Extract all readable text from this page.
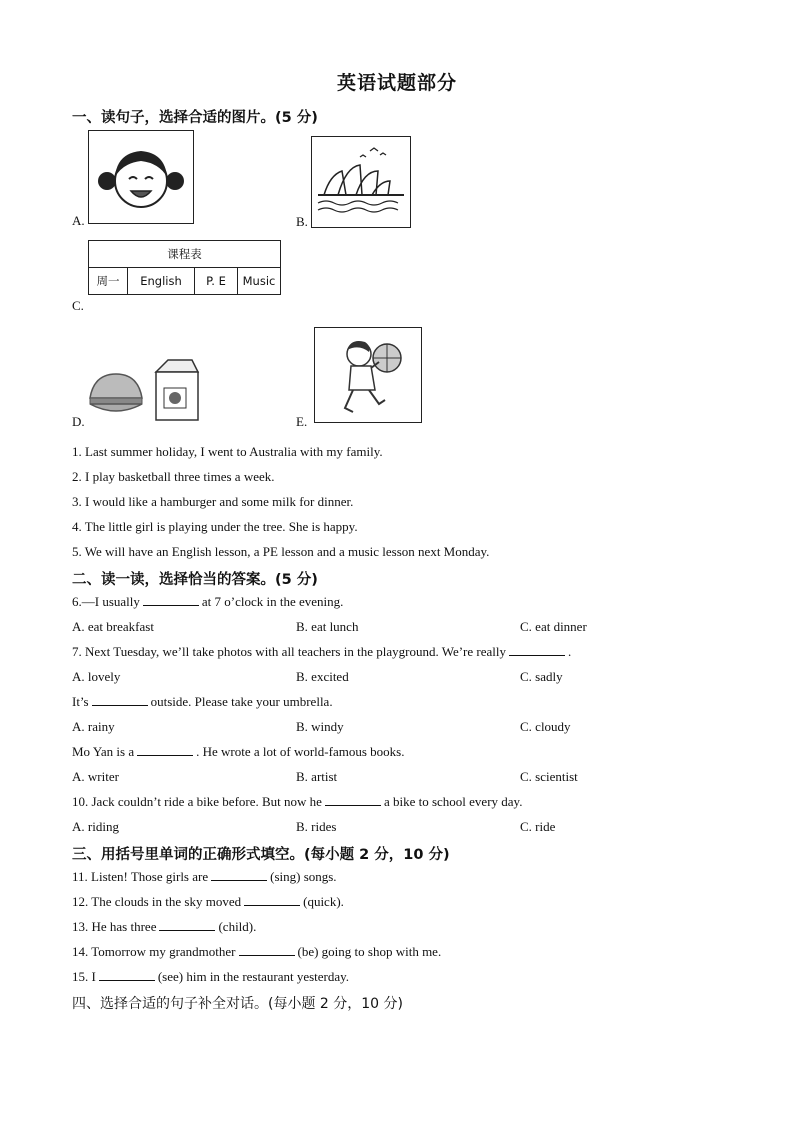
英语试题部分
一、读句子，选择合适的图片。(5 分)
A.	B.
课程表
周一	English	P. E	Music
C.
D.	E.
1. Last summer holiday, I went to Australia with my family.
2. I play basketball three times a week.
3. I would like a hamburger and some milk for dinner.
4. The little girl is playing under the tree. She is happy.
5. We will have an English lesson, a PE lesson and a music lesson next Monday.
二、读一读，选择恰当的答案。(5 分)
6.—I usually	at 7 o’clock in the evening.
A. eat breakfast	B. eat lunch	C. eat dinner
7. Next Tuesday, we’ll take photos with all teachers in the playground. We’re really	.
A. lovely	B. excited	C. sadly
It’s	outside. Please take your umbrella.
A. rainy	B. windy	C. cloudy
Mo Yan is a	. He wrote a lot of world-famous books.
A. writer	B. artist	C. scientist
10. Jack couldn’t ride a bike before. But now he	a bike to school every day.
A. riding	B. rides	C. ride
三、用括号里单词的正确形式填空。(每小题 2 分，10 分)
11. Listen! Those girls are	(sing) songs.
12. The clouds in the sky moved	(quick).
13. He has three	(child).
14. Tomorrow my grandmother	(be) going to shop with me.
15. I	(see) him in the restaurant yesterday.
四、选择合适的句子补全对话。(每小题 2 分，10 分)
